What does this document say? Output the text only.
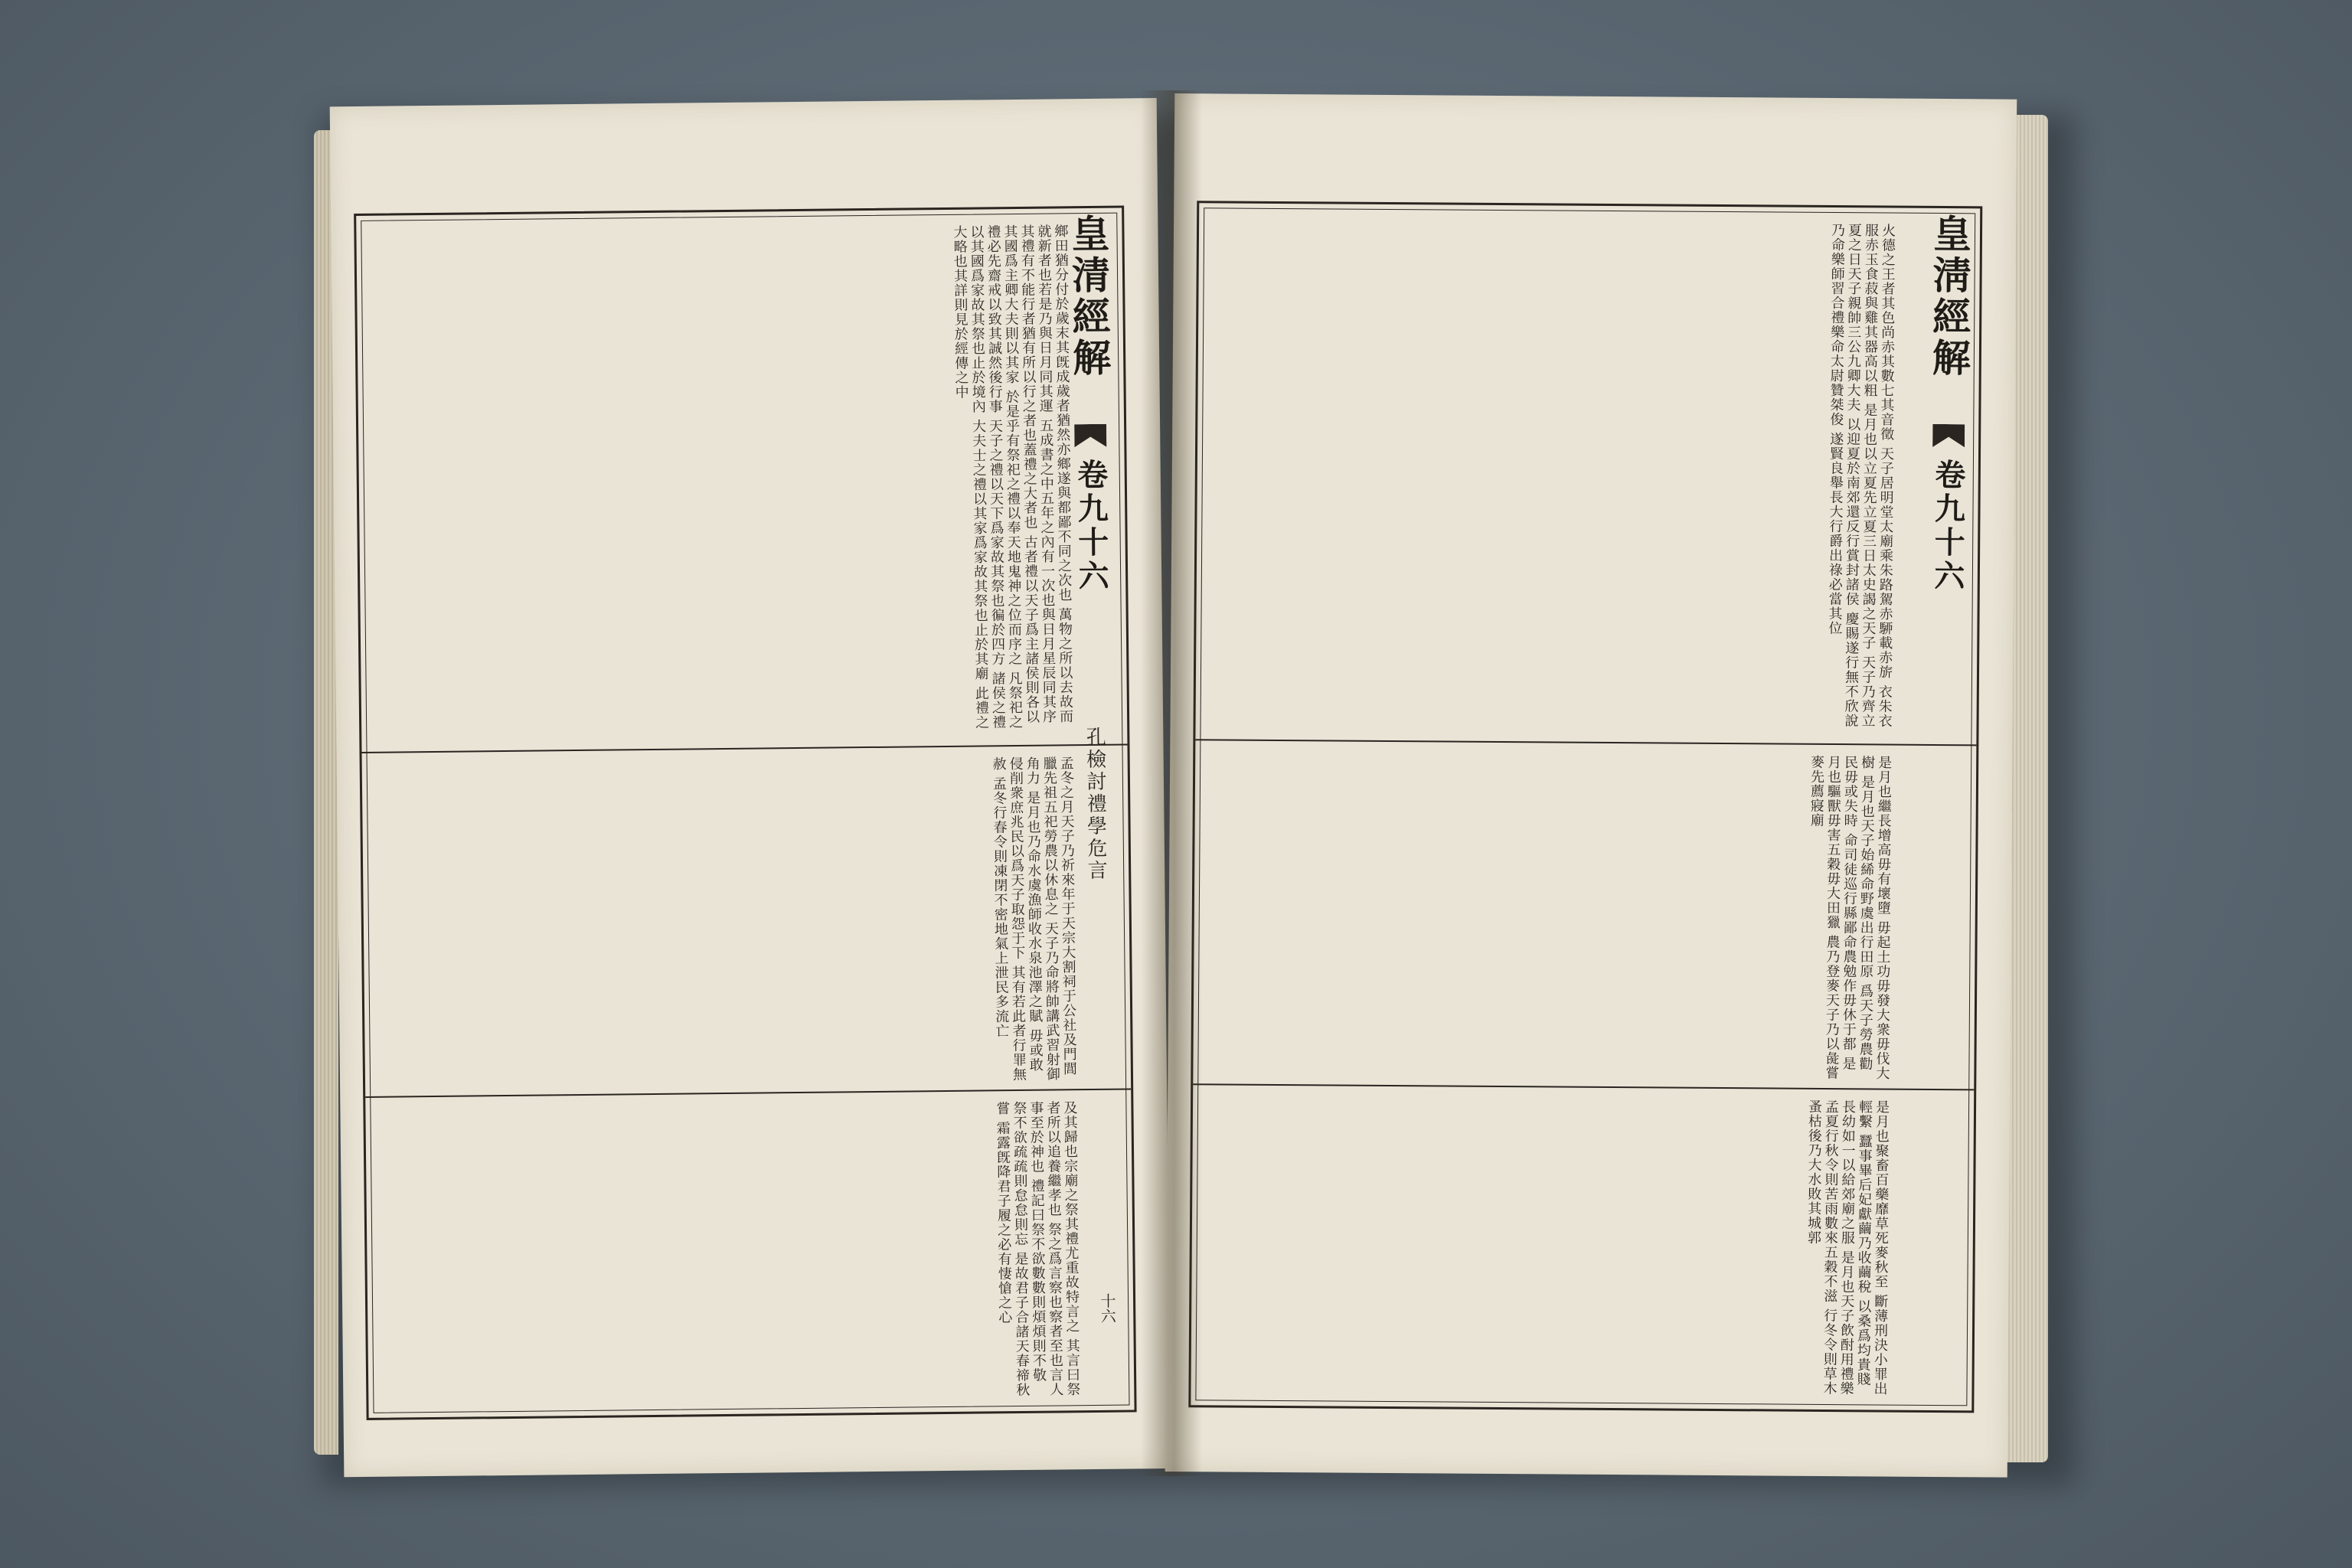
鄉田猶分付於歲末其旣成歲者猶然亦鄉遂與都鄙不同之次也 萬物之所以去故而就新者也若是乃與日月同其運 五成書之中五年之內有一次也與日月星辰同其序 其禮有不能行者猶有所以行之者也蓋禮之大者也 古者禮以天子爲主諸侯則各以其國爲主卿大夫則以其家 於是乎有祭祀之禮以奉天地鬼神之位而序之 凡祭祀之禮必先齋戒以致其誠然後行事 天子之禮以天下爲家故其祭也徧於四方 諸侯之禮以其國爲家故其祭也止於境內 大夫士之禮以其家爲家故其祭也止於其廟 此禮之大略也其詳則見於經傳之中
孟冬之月天子乃祈來年于天宗大割祠于公社及門閭 臘先祖五祀勞農以休息之 天子乃命將帥講武習射御角力 是月也乃命水虞漁師收水泉池澤之賦 毋或敢侵削衆庶兆民以爲天子取怨于下 其有若此者行罪無赦 孟冬行春令則凍閉不密地氣上泄民多流亡
及其歸也宗廟之祭其禮尤重故特言之 其言曰祭者所以追養繼孝也 祭之爲言察也察者至也言人事至於神也 禮記曰祭不欲數數則煩煩則不敬 祭不欲疏疏則怠怠則忘 是故君子合諸天春禘秋嘗 霜露旣降君子履之必有悽愴之心
皇清經解
卷九十六
孔檢討禮學危言
十六
火德之王者其色尚赤其數七其音徵 天子居明堂太廟乘朱路駕赤駵載赤旂 衣朱衣服赤玉食菽與雞其器高以粗 是月也以立夏先立夏三日太史謁之天子 天子乃齊立夏之日天子親帥三公九卿大夫 以迎夏於南郊還反行賞封諸侯 慶賜遂行無不欣說 乃命樂師習合禮樂命太尉贊桀俊 遂賢良舉長大行爵出祿必當其位
是月也繼長增高毋有壞墮 毋起土功毋發大衆毋伐大樹 是月也天子始絺命野虞出行田原 爲天子勞農勸民毋或失時 命司徒巡行縣鄙命農勉作毋休于都 是月也驅獸毋害五穀毋大田獵 農乃登麥天子乃以彘嘗麥先薦寢廟
是月也聚畜百藥靡草死麥秋至 斷薄刑決小罪出輕繫 蠶事畢后妃獻繭乃收繭稅 以桑爲均貴賤長幼如一以給郊廟之服 是月也天子飲酎用禮樂 孟夏行秋令則苦雨數來五穀不滋 行冬令則草木蚤枯後乃大水敗其城郭
皇淸經解
卷九十六
